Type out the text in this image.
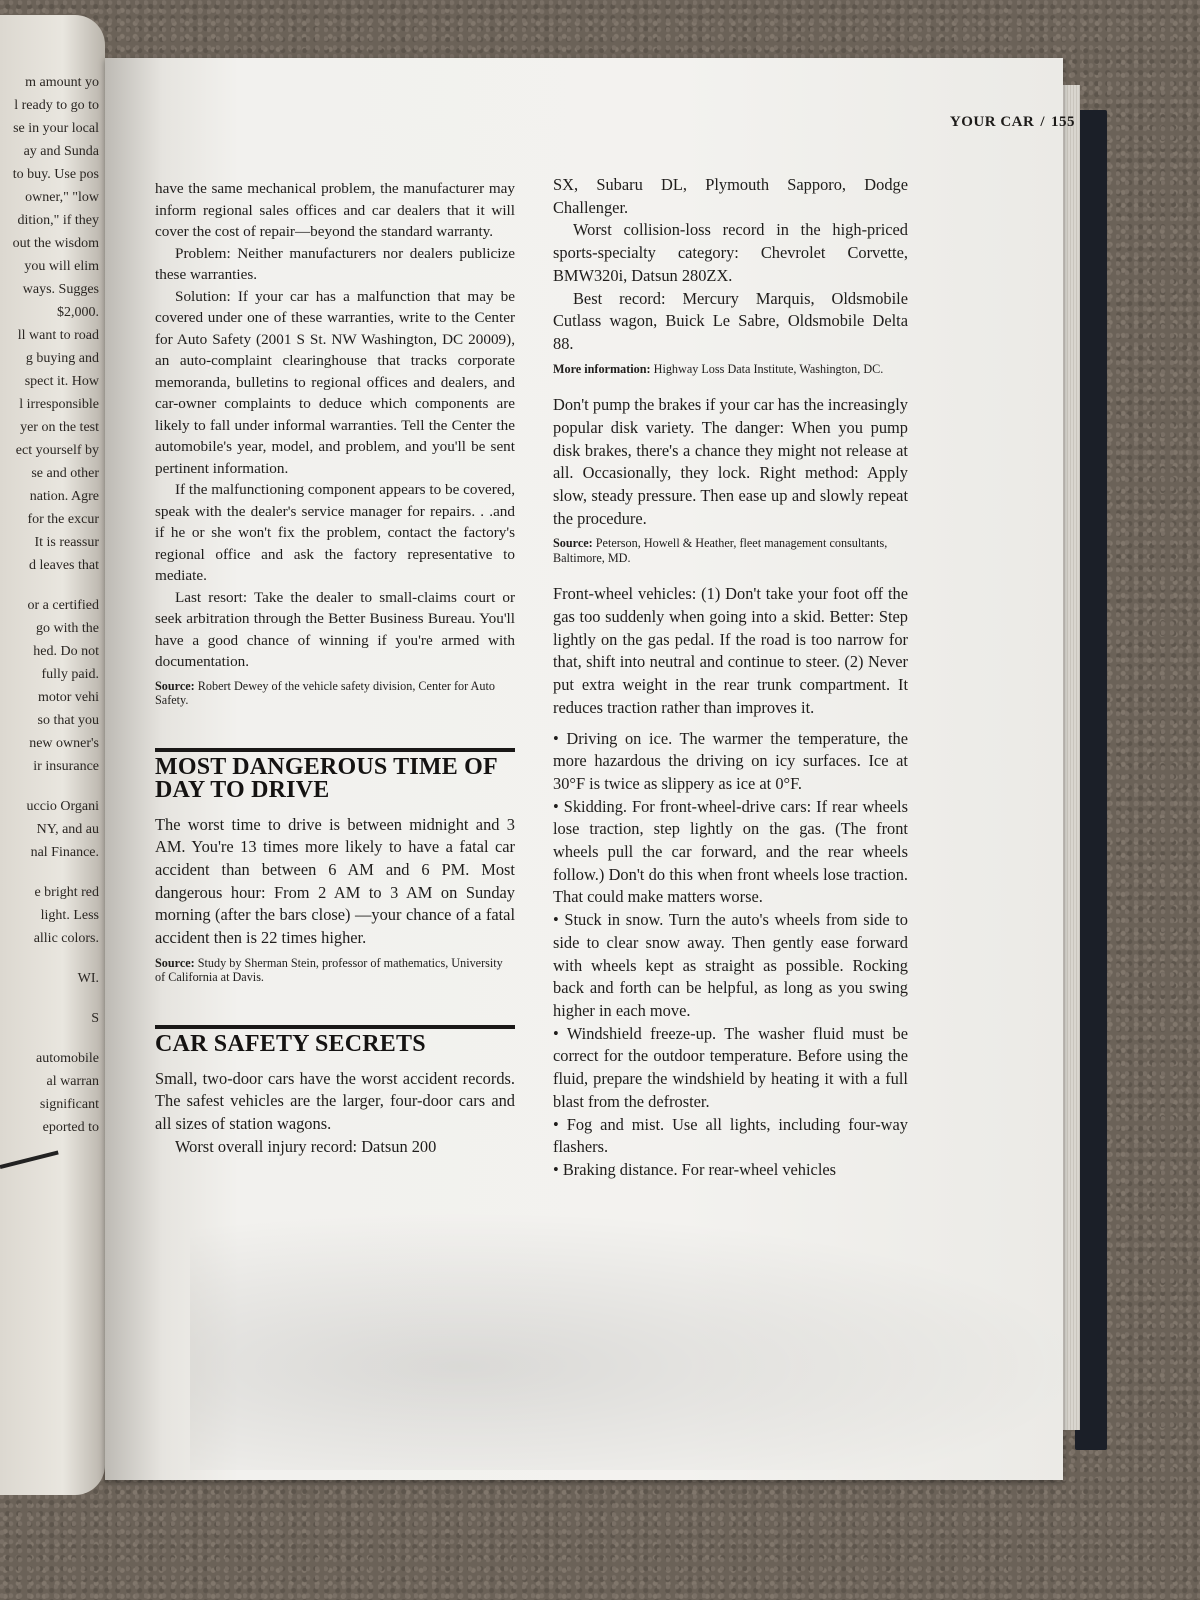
m amount yo
l ready to go to
se in your local
ay and Sunda
to buy. Use pos
owner," "low
dition," if they
out the wisdom
you will elim
ways. Sugges
$2,000.
ll want to road
g buying and
spect it. How
l irresponsible
yer on the test
ect yourself by
se and other
nation. Agre
for the excur
It is reassur
d leaves that
or a certified
go with the
hed. Do not
fully paid.
motor vehi
so that you
new owner's
ir insurance
uccio Organi
NY, and au
nal Finance.
e bright red
light. Less
allic colors.
WI.
S
automobile
al warran
significant
eported to
YOUR CAR / 155

have the same mechanical problem, the manufacturer may inform regional sales offices and car dealers that it will cover the cost of repair—beyond the standard warranty.

Problem: Neither manufacturers nor dealers publicize these warranties.

Solution: If your car has a malfunction that may be covered under one of these warranties, write to the Center for Auto Safety (2001 S St. NW Washington, DC 20009), an auto-complaint clearinghouse that tracks corporate memoranda, bulletins to regional offices and dealers, and car-owner complaints to deduce which components are likely to fall under informal warranties. Tell the Center the automobile's year, model, and problem, and you'll be sent pertinent information.

If the malfunctioning component appears to be covered, speak with the dealer's service manager for repairs. . .and if he or she won't fix the problem, contact the factory's regional office and ask the factory representative to mediate.

Last resort: Take the dealer to small-claims court or seek arbitration through the Better Business Bureau. You'll have a good chance of winning if you're armed with documentation.

Source: Robert Dewey of the vehicle safety division, Center for Auto Safety.

MOST DANGEROUS TIME OF DAY TO DRIVE

The worst time to drive is between midnight and 3 AM. You're 13 times more likely to have a fatal car accident than between 6 AM and 6 PM. Most dangerous hour: From 2 AM to 3 AM on Sunday morning (after the bars close) —your chance of a fatal accident then is 22 times higher.

Source: Study by Sherman Stein, professor of mathematics, University of California at Davis.

CAR SAFETY SECRETS

Small, two-door cars have the worst accident records. The safest vehicles are the larger, four-door cars and all sizes of station wagons.

Worst overall injury record: Datsun 200

SX, Subaru DL, Plymouth Sapporo, Dodge Challenger.

Worst collision-loss record in the high-priced sports-specialty category: Chevrolet Corvette, BMW320i, Datsun 280ZX.

Best record: Mercury Marquis, Oldsmobile Cutlass wagon, Buick Le Sabre, Oldsmobile Delta 88.

More information: Highway Loss Data Institute, Washington, DC.

Don't pump the brakes if your car has the increasingly popular disk variety. The danger: When you pump disk brakes, there's a chance they might not release at all. Occasionally, they lock. Right method: Apply slow, steady pressure. Then ease up and slowly repeat the procedure.

Source: Peterson, Howell & Heather, fleet management consultants, Baltimore, MD.

Front-wheel vehicles: (1) Don't take your foot off the gas too suddenly when going into a skid. Better: Step lightly on the gas pedal. If the road is too narrow for that, shift into neutral and continue to steer. (2) Never put extra weight in the rear trunk compartment. It reduces traction rather than improves it.

• Driving on ice. The warmer the temperature, the more hazardous the driving on icy surfaces. Ice at 30°F is twice as slippery as ice at 0°F.

• Skidding. For front-wheel-drive cars: If rear wheels lose traction, step lightly on the gas. (The front wheels pull the car forward, and the rear wheels follow.) Don't do this when front wheels lose traction. That could make matters worse.

• Stuck in snow. Turn the auto's wheels from side to side to clear snow away. Then gently ease forward with wheels kept as straight as possible. Rocking back and forth can be helpful, as long as you swing higher in each move.

• Windshield freeze-up. The washer fluid must be correct for the outdoor temperature. Before using the fluid, prepare the windshield by heating it with a full blast from the defroster.

• Fog and mist. Use all lights, including four-way flashers.

• Braking distance. For rear-wheel vehicles
